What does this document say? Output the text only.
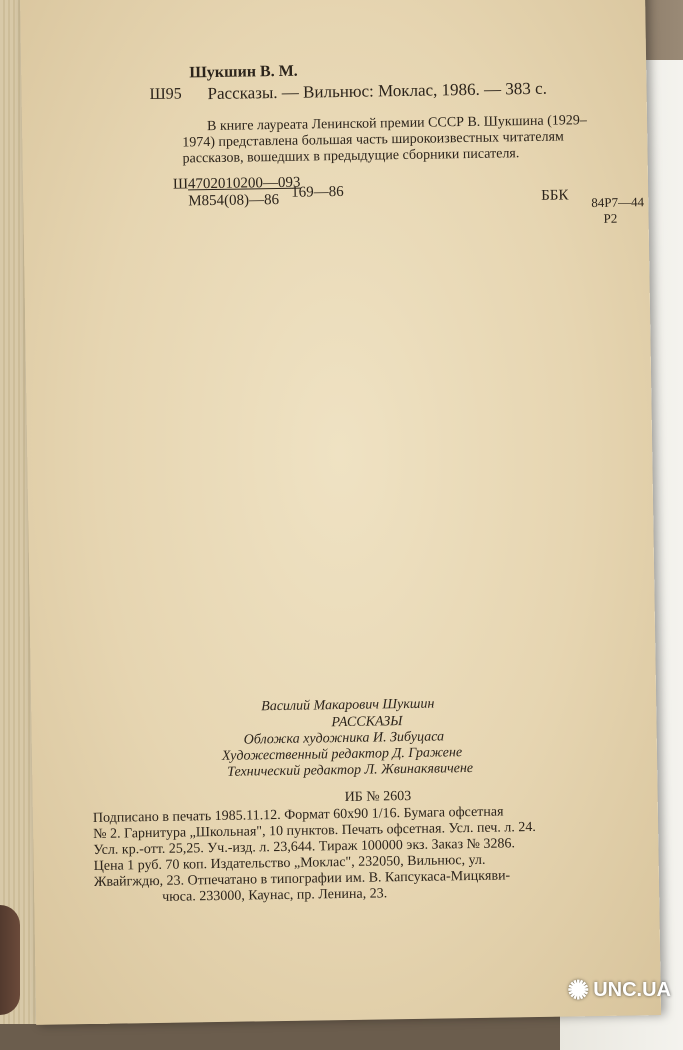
Шукшин В. М.
Ш95 Рассказы. — Вильнюс: Моклас, 1986. — 383 с.
В книге лауреата Ленинской премии СССР В. Шукшина (1929–
1974) представлена большая часть широкоизвестных читателям
рассказов, вошедших в предыдущие сборники писателя.
Ш 4702010200—093
М854(08)—86 169—86	ББК 84Р7—44
Р2
Василий Макарович Шукшин
РАССКАЗЫ
Обложка художника И. Зибуцаса
Художественный редактор Д. Гражене
Технический редактор Л. Жвинакявичене
ИБ № 2603
Подписано в печать 1985.11.12. Формат 60x90 1/16. Бумага офсетная
№ 2. Гарнитура „Школьная", 10 пунктов. Печать офсетная. Усл. печ. л. 24.
Усл. кр.-отт. 25,25. Уч.-изд. л. 23,644. Тираж 100000 экз. Заказ № 3286.
Цена 1 руб. 70 коп. Издательство „Моклас", 232050, Вильнюс, ул.
Жвайгждю, 23. Отпечатано в типографии им. В. Капсукаса-Мицкяви-
чюса. 233000, Каунас, пр. Ленина, 23.
✺ UNC.UA
